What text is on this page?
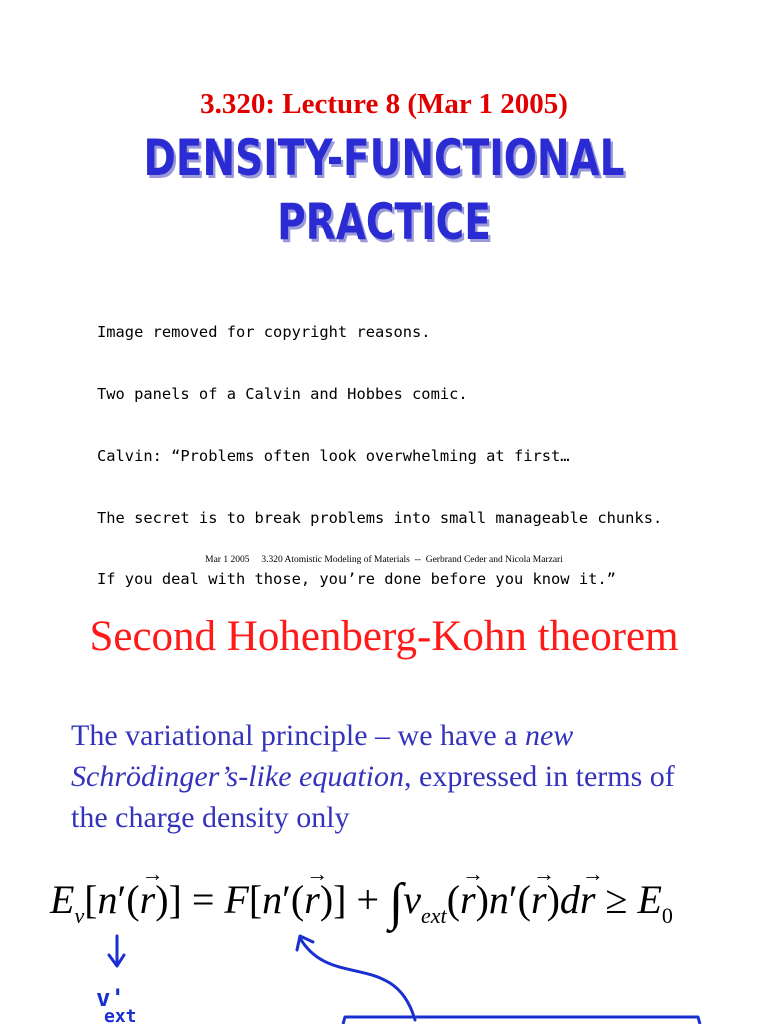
3.320: Lecture 8 (Mar 1 2005)
DENSITY-FUNCTIONAL PRACTICE

Image removed for copyright reasons.

Two panels of a Calvin and Hobbes comic.

Calvin: “Problems often look overwhelming at first…

The secret is to break problems into small manageable chunks.

If you deal with those, you’re done before you know it.”

Mar 1 2005     3.320 Atomistic Modeling of Materials  --  Gerbrand Ceder and Nicola Marzari
Second Hohenberg-Kohn theorem
The variational principle – we have a new Schrödinger’s-like equation, expressed in terms of the charge density only
$E_v[n'(\to r)] = F[n'(\to r)] + \int v_{ext}(\to r)n'(\to r)d\to r \ge E_0$
v'
ext
